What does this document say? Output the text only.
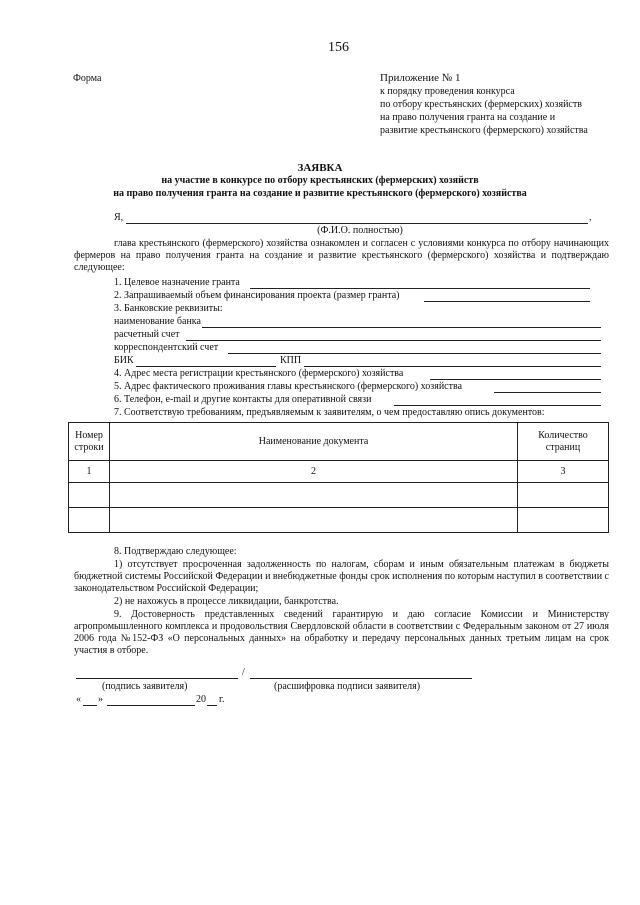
156
Форма	Приложение № 1
к порядку проведения конкурса
по отбору крестьянских (фермерских) хозяйств
на право получения гранта на создание и
развитие крестьянского (фермерского) хозяйства
ЗАЯВКА
на участие в конкурсе по отбору крестьянских (фермерских) хозяйств
на право получения гранта на создание и развитие крестьянского (фермерского) хозяйства
Я,	,
(Ф.И.О. полностью)
глава крестьянского (фермерского) хозяйства ознакомлен и согласен с условиями конкурса по отбору начинающих фермеров на право получения гранта на создание и развитие крестьянского (фермерского) хозяйства и подтверждаю следующее:
1. Целевое назначение гранта
2. Запрашиваемый объем финансирования проекта (размер гранта)
3. Банковские реквизиты:
наименование банка
расчетный счет
корреспондентский счет
БИК	КПП
4. Адрес места регистрации крестьянского (фермерского) хозяйства
5. Адрес фактического проживания главы крестьянского (фермерского) хозяйства
6. Телефон, e-mail и другие контакты для оперативной связи
7. Соответствую требованиям, предъявляемым к заявителям, о чем предоставляю опись документов:
Номер строки	Наименование документа	Количество страниц
1	2	3

8. Подтверждаю следующее:
1) отсутствует просроченная задолженность по налогам, сборам и иным обязательным платежам в бюджеты бюджетной системы Российской Федерации и внебюджетные фонды срок исполнения по которым наступил в соответствии с законодательством Российской Федерации;
2) не нахожусь в процессе ликвидации, банкротства.
9. Достоверность представленных сведений гарантирую и даю согласие Комиссии и Министерству агропромышленного комплекса и продовольствия Свердловской области в соответствии с Федеральным законом от 27 июля 2006 года №152-ФЗ «О персональных данных» на обработку и передачу персональных данных третьим лицам на срок участия в отборе.
/
(подпись заявителя)	(расшифровка подписи заявителя)
« »	20 г.
